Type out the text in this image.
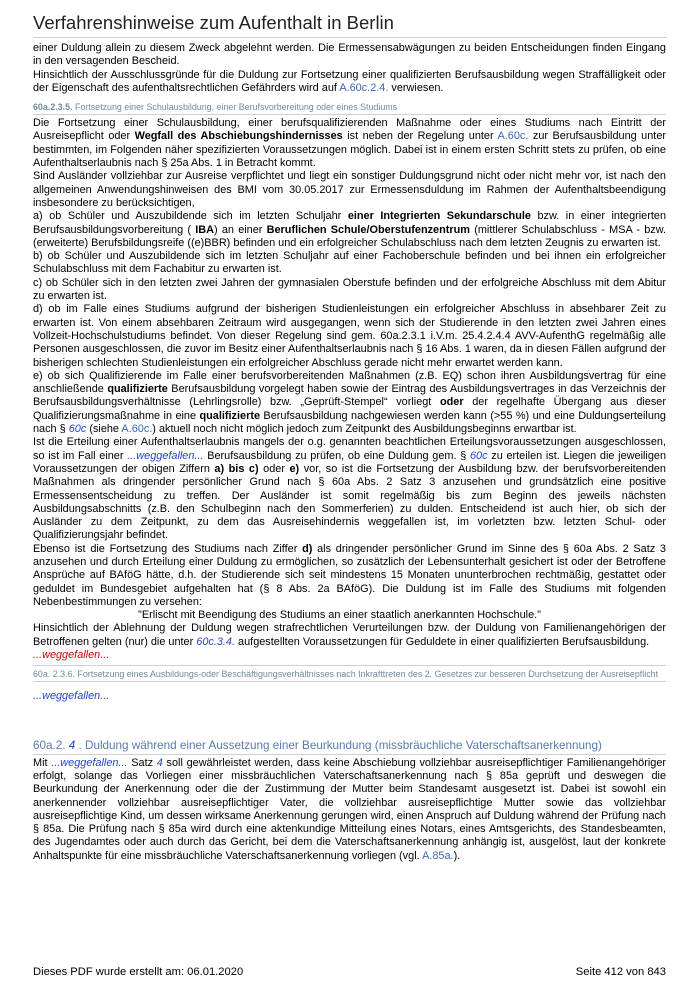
Verfahrenshinweise zum Aufenthalt in Berlin

einer Duldung allein zu diesem Zweck abgelehnt werden. Die Ermessensabwägungen zu beiden Entscheidungen finden Eingang in den versagenden Bescheid.

Hinsichtlich der Ausschlussgründe für die Duldung zur Fortsetzung einer qualifizierten Berufsausbildung wegen Straffälligkeit oder der Eigenschaft des aufenthaltsrechtlichen Gefährders wird auf A.60c.2.4. verwiesen.

60a.2.3.5. Fortsetzung einer Schulausbildung, einer Berufsvorbereitung oder eines Studiums

Die Fortsetzung einer Schulausbildung, einer berufsqualifizierenden Maßnahme oder eines Studiums nach Eintritt der Ausreisepflicht oder Wegfall des Abschiebungshindernisses ist neben der Regelung unter A.60c. zur Berufsausbildung unter bestimmten, im Folgenden näher spezifizierten Voraussetzungen möglich. Dabei ist in einem ersten Schritt stets zu prüfen, ob eine Aufenthaltserlaubnis nach § 25a Abs. 1 in Betracht kommt.

Sind Ausländer vollziehbar zur Ausreise verpflichtet und liegt ein sonstiger Duldungsgrund nicht oder nicht mehr vor, ist nach den allgemeinen Anwendungshinweisen des BMI vom 30.05.2017 zur Ermessensduldung im Rahmen der Aufenthaltsbeendigung insbesondere zu berücksichtigen,

a) ob Schüler und Auszubildende sich im letzten Schuljahr einer Integrierten Sekundarschule bzw. in einer integrierten Berufsausbildungsvorbereitung ( IBA) an einer Beruflichen Schule/Oberstufenzentrum (mittlerer Schulabschluss - MSA - bzw. (erweiterte) Berufsbildungsreife ((e)BBR) befinden und ein erfolgreicher Schulabschluss nach dem letzten Zeugnis zu erwarten ist.

b) ob Schüler und Auszubildende sich im letzten Schuljahr auf einer Fachoberschule befinden und bei ihnen ein erfolgreicher Schulabschluss mit dem Fachabitur zu erwarten ist.

c) ob Schüler sich in den letzten zwei Jahren der gymnasialen Oberstufe befinden und der erfolgreiche Abschluss mit dem Abitur zu erwarten ist.

d) ob im Falle eines Studiums aufgrund der bisherigen Studienleistungen ein erfolgreicher Abschluss in absehbarer Zeit zu erwarten ist. Von einem absehbaren Zeitraum wird ausgegangen, wenn sich der Studierende in den letzten zwei Jahren eines Vollzeit-Hochschulstudiums befindet. Von dieser Regelung sind gem. 60a.2.3.1 i.V.m. 25.4.2.4.4 AVV-AufenthG regelmäßig alle Personen ausgeschlossen, die zuvor im Besitz einer Aufenthaltserlaubnis nach § 16 Abs. 1 waren, da in diesen Fällen aufgrund der bisherigen schlechten Studienleistungen ein erfolgreicher Abschluss gerade nicht mehr erwartet werden kann.

e) ob sich Qualifizierende im Falle einer berufsvorbereitenden Maßnahmen (z.B. EQ) schon ihren Ausbildungsvertrag für eine anschließende qualifizierte Berufsausbildung vorgelegt haben sowie der Eintrag des Ausbildungsvertrages in das Verzeichnis der Berufsausbildungsverhältnisse (Lehrlingsrolle) bzw. „Geprüft-Stempel“ vorliegt oder der regelhafte Übergang aus dieser Qualifizierungsmaßnahme in eine qualifizierte Berufsausbildung nachgewiesen werden kann (>55 %) und eine Duldungserteilung nach § 60c (siehe A.60c.) aktuell noch nicht möglich jedoch zum Zeitpunkt des Ausbildungsbeginns erwartbar ist.

Ist die Erteilung einer Aufenthaltserlaubnis mangels der o.g. genannten beachtlichen Erteilungsvoraussetzungen ausgeschlossen, so ist im Fall einer ...weggefallen... Berufsausbildung zu prüfen, ob eine Duldung gem. § 60c zu erteilen ist. Liegen die jeweiligen Voraussetzungen der obigen Ziffern a) bis c) oder e) vor, so ist die Fortsetzung der Ausbildung bzw. der berufsvorbereitenden Maßnahmen als dringender persönlicher Grund nach § 60a Abs. 2 Satz 3 anzusehen und grundsätzlich eine positive Ermessensentscheidung zu treffen. Der Ausländer ist somit regelmäßig bis zum Beginn des jeweils nächsten Ausbildungsabschnitts (z.B. den Schulbeginn nach den Sommerferien) zu dulden. Entscheidend ist auch hier, ob sich der Ausländer zu dem Zeitpunkt, zu dem das Ausreisehindernis weggefallen ist, im vorletzten bzw. letzten Schul- oder Qualifizierungsjahr befindet.

Ebenso ist die Fortsetzung des Studiums nach Ziffer d) als dringender persönlicher Grund im Sinne des § 60a Abs. 2 Satz 3 anzusehen und durch Erteilung einer Duldung zu ermöglichen, so zusätzlich der Lebensunterhalt gesichert ist oder der Betroffene Ansprüche auf BAföG hätte, d.h. der Studierende sich seit mindestens 15 Monaten ununterbrochen rechtmäßig, gestattet oder geduldet im Bundesgebiet aufgehalten hat (§ 8 Abs. 2a BAföG). Die Duldung ist im Falle des Studiums mit folgenden Nebenbestimmungen zu versehen:

"Erlischt mit Beendigung des Studiums an einer staatlich anerkannten Hochschule."

Hinsichtlich der Ablehnung der Duldung wegen strafrechtlichen Verurteilungen bzw. der Duldung von Familienangehörigen der Betroffenen gelten (nur) die unter 60c.3.4. aufgestellten Voraussetzungen für Geduldete in einer qualifizierten Berufsausbildung.

...weggefallen...

60a. 2.3.6. Fortsetzung eines Ausbildungs-oder Beschäftigungsverhältnisses nach Inkrafttreten des 2. Gesetzes zur besseren Durchsetzung der Ausreisepflicht

...weggefallen...

60a.2. 4 . Duldung während einer Aussetzung einer Beurkundung (missbräuchliche Vaterschaftsanerkennung)

Mit ...weggefallen... Satz 4 soll gewährleistet werden, dass keine Abschiebung vollziehbar ausreisepflichtiger Familienangehöriger erfolgt, solange das Vorliegen einer missbräuchlichen Vaterschaftsanerkennung nach § 85a geprüft und deswegen die Beurkundung der Anerkennung oder die der Zustimmung der Mutter beim Standesamt ausgesetzt ist. Dabei ist sowohl ein anerkennender vollziehbar ausreisepflichtiger Vater, die vollziehbar ausreisepflichtige Mutter sowie das vollziehbar ausreisepflichtige Kind, um dessen wirksame Anerkennung gerungen wird, einen Anspruch auf Duldung während der Prüfung nach § 85a. Die Prüfung nach § 85a wird durch eine aktenkundige Mitteilung eines Notars, eines Amtsgerichts, des Standesbeamten, des Jugendamtes oder auch durch das Gericht, bei dem die Vaterschaftsanerkennung anhängig ist, ausgelöst, laut der konkrete Anhaltspunkte für eine missbräuchliche Vaterschaftsanerkennung vorliegen (vgl. A.85a.).

Dieses PDF wurde erstellt am: 06.01.2020	Seite 412 von 843
